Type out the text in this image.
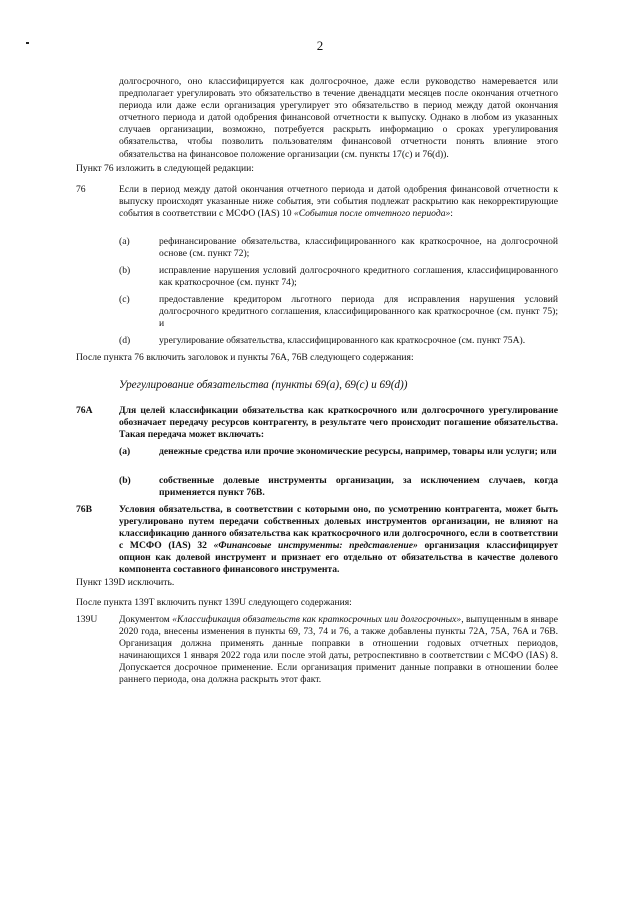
2

долгосрочного, оно классифицируется как долгосрочное, даже если руководство намеревается или предполагает урегулировать это обязательство в течение двенадцати месяцев после окончания отчетного периода или даже если организация урегулирует это обязательство в период между датой окончания отчетного периода и датой одобрения финансовой отчетности к выпуску. Однако в любом из указанных случаев организации, возможно, потребуется раскрыть информацию о сроках урегулирования обязательства, чтобы позволить пользователям финансовой отчетности понять влияние этого обязательства на финансовое положение организации (см. пункты 17(c) и 76(d)).

Пункт 76 изложить в следующей редакции:

76	Если в период между датой окончания отчетного периода и датой одобрения финансовой отчетности к выпуску происходят указанные ниже события, эти события подлежат раскрытию как некорректирующие события в соответствии с МСФО (IAS) 10 «События после отчетного периода»:

(a)	рефинансирование обязательства, классифицированного как краткосрочное, на долгосрочной основе (см. пункт 72);

(b)	исправление нарушения условий долгосрочного кредитного соглашения, классифицированного как краткосрочное (см. пункт 74);

(c)	предоставление кредитором льготного периода для исправления нарушения условий долгосрочного кредитного соглашения, классифицированного как краткосрочное (см. пункт 75); и

(d)	урегулирование обязательства, классифицированного как краткосрочное (см. пункт 75A).

После пункта 76 включить заголовок и пункты 76A, 76B следующего содержания:

Урегулирование обязательства (пункты 69(a), 69(c) и 69(d))
76A	Для целей классификации обязательства как краткосрочного или долгосрочного урегулирование обозначает передачу ресурсов контрагенту, в результате чего происходит погашение обязательства. Такая передача может включать:

(a)	денежные средства или прочие экономические ресурсы, например, товары или услуги; или

(b)	собственные долевые инструменты организации, за исключением случаев, когда применяется пункт 76B.

76B	Условия обязательства, в соответствии с которыми оно, по усмотрению контрагента, может быть урегулировано путем передачи собственных долевых инструментов организации, не влияют на классификацию данного обязательства как краткосрочного или долгосрочного, если в соответствии с МСФО (IAS) 32 «Финансовые инструменты: представление» организация классифицирует опцион как долевой инструмент и признает его отдельно от обязательства в качестве долевого компонента составного финансового инструмента.

Пункт 139D исключить.

После пункта 139T включить пункт 139U следующего содержания:

139U Документом «Классификация обязательств как краткосрочных или долгосрочных», выпущенным в январе 2020 года, внесены изменения в пункты 69, 73, 74 и 76, а также добавлены пункты 72A, 75A, 76A и 76B. Организация должна применять данные поправки в отношении годовых отчетных периодов, начинающихся 1 января 2022 года или после этой даты, ретроспективно в соответствии с МСФО (IAS) 8. Допускается досрочное применение. Если организация применит данные поправки в отношении более раннего периода, она должна раскрыть этот факт.
